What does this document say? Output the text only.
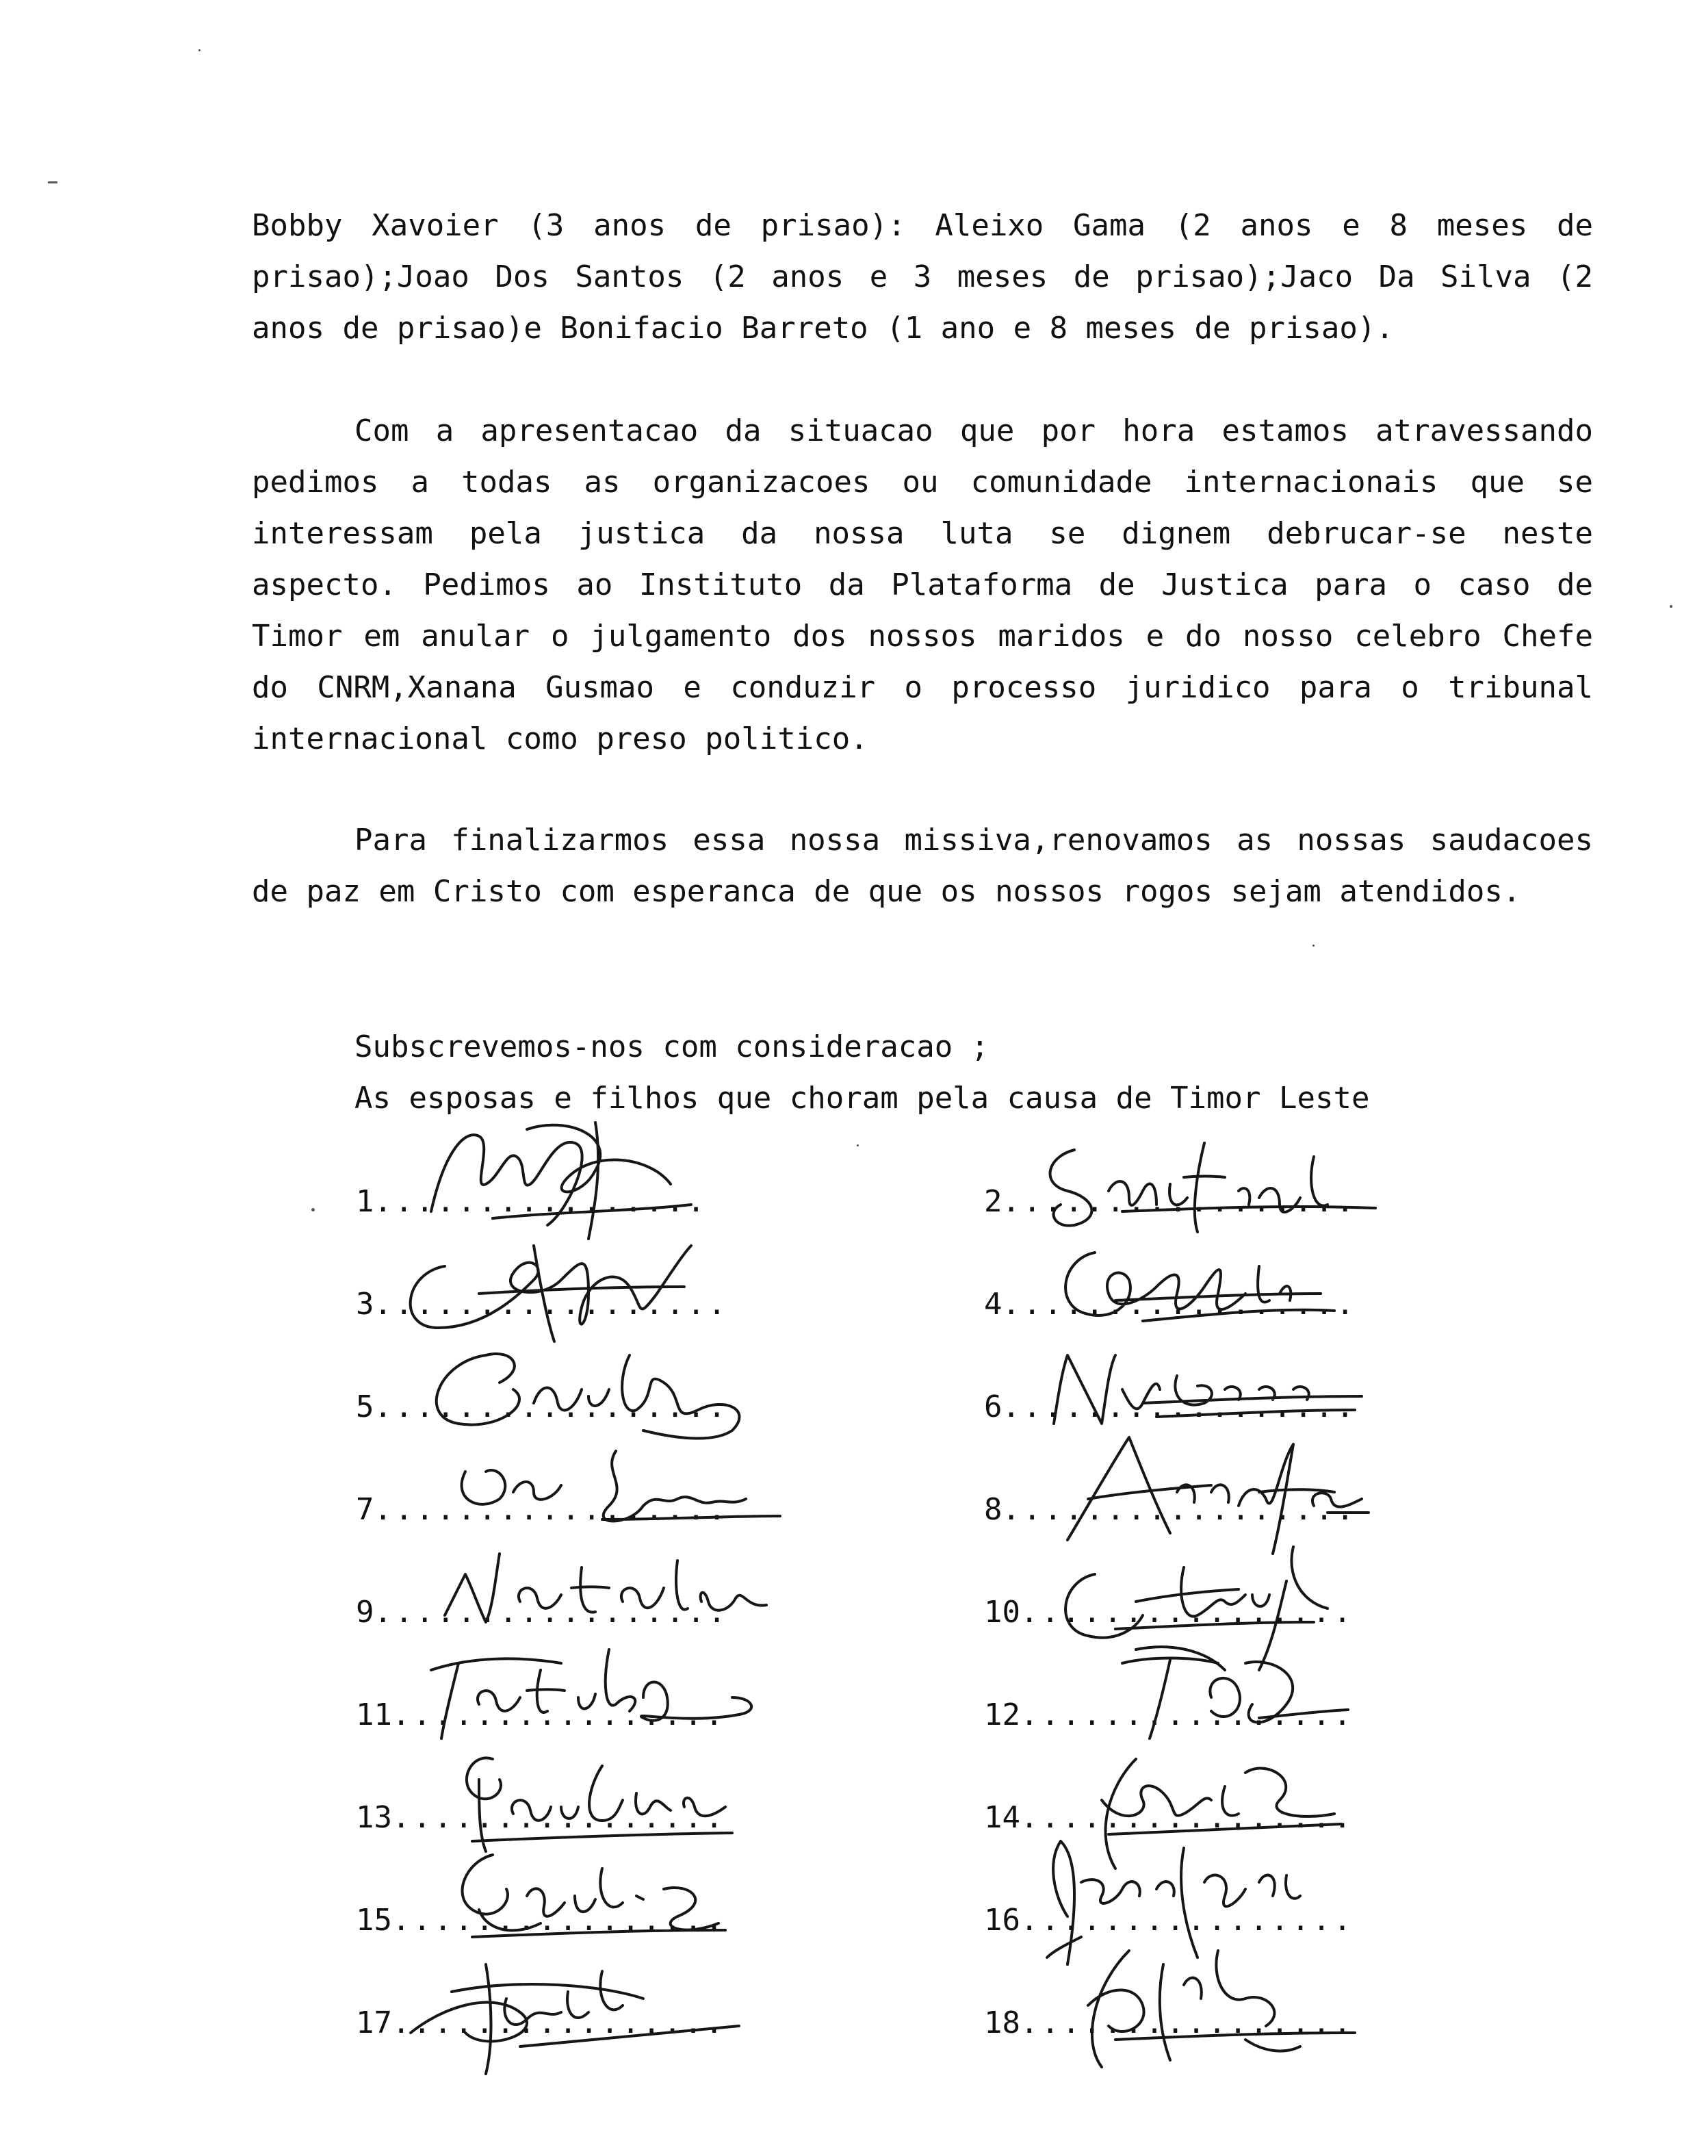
Bobby Xavoier (3 anos de prisao): Aleixo Gama (2 anos e 8 meses de prisao);Joao Dos Santos (2 anos e 3 meses de prisao);Jaco Da Silva (2 anos de prisao)e Bonifacio Barreto (1 ano e 8 meses de prisao).

Com a apresentacao da situacao que por hora estamos atravessando pedimos a todas as organizacoes ou comunidade internacionais que se interessam pela justica da nossa luta se dignem debrucar-se neste aspecto. Pedimos ao Instituto da Plataforma de Justica para o caso de Timor em anular o julgamento dos nossos maridos e do nosso celebro Chefe do CNRM,Xanana Gusmao e conduzir o processo juridico para o tribunal internacional como preso politico.

Para finalizarmos essa nossa missiva,renovamos as nossas saudacoes de paz em Cristo com esperanca de que os nossos rogos sejam atendidos.

Subscrevemos-nos com consideracao ;
As esposas e filhos que choram pela causa de Timor Leste
1................
3.................
5.................
7.................
9.................
11................
13................
15................
17................
2.................
4.................
6.................
8.................
10................
12................
14................
16................
18................
